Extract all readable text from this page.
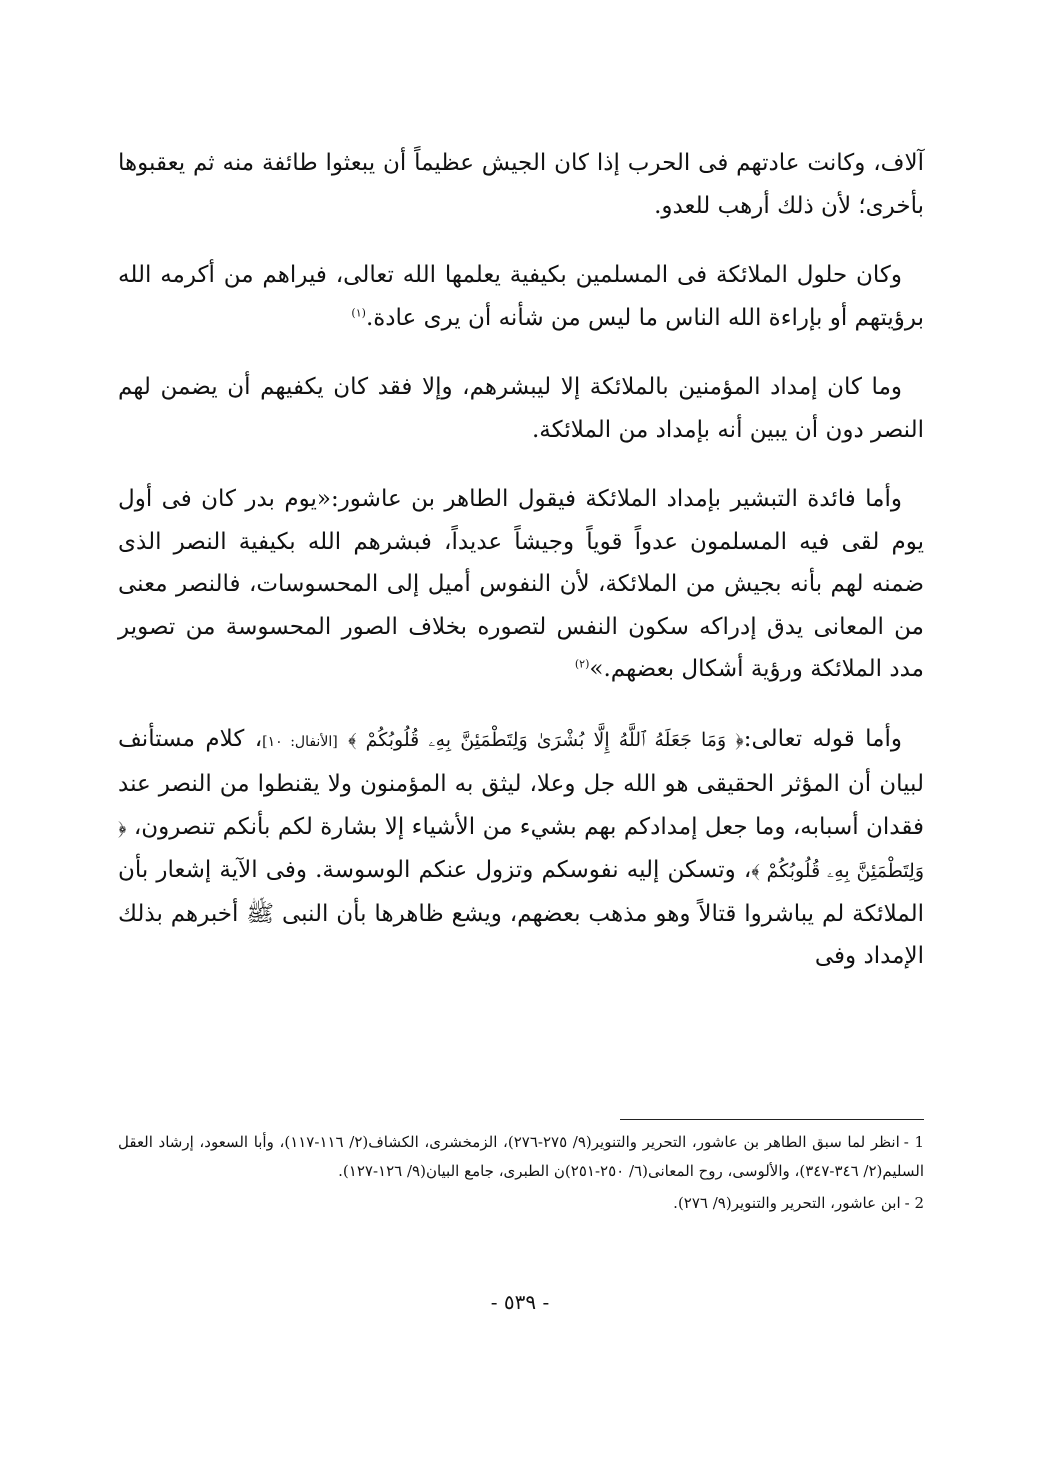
آلاف، وكانت عادتهم فى الحرب إذا كان الجيش عظيماً أن يبعثوا طائفة منه ثم يعقبوها بأخرى؛ لأن ذلك أرهب للعدو.

وكان حلول الملائكة فى المسلمين بكيفية يعلمها الله تعالى، فيراهم من أكرمه الله برؤيتهم أو بإراءة الله الناس ما ليس من شأنه أن يرى عادة.$^{(١)}$

وما كان إمداد المؤمنين بالملائكة إلا ليبشرهم، وإلا فقد كان يكفيهم أن يضمن لهم النصر دون أن يبين أنه بإمداد من الملائكة.

وأما فائدة التبشير بإمداد الملائكة فيقول الطاهر بن عاشور:«يوم بدر كان فى أول يوم لقى فيه المسلمون عدواً قوياً وجيشاً عديداً، فبشرهم الله بكيفية النصر الذى ضمنه لهم بأنه بجيش من الملائكة، لأن النفوس أميل إلى المحسوسات، فالنصر معنى من المعانى يدق إدراكه سكون النفس لتصوره بخلاف الصور المحسوسة من تصوير مدد الملائكة ورؤية أشكال بعضهم.»$^{(٢)}$

وأما قوله تعالى:﴿ وَمَا جَعَلَهُ ٱللَّهُ إِلَّا بُشْرَىٰ وَلِتَطْمَئِنَّ بِهِۦ قُلُوبُكُمْ ﴾ [الأنفال: ١٠]، كلام مستأنف لبيان أن المؤثر الحقيقى هو الله جل وعلا، ليثق به المؤمنون ولا يقنطوا من النصر عند فقدان أسبابه، وما جعل إمدادكم بهم بشيء من الأشياء إلا بشارة لكم بأنكم تنصرون، ﴿ وَلِتَطْمَئِنَّ بِهِۦ قُلُوبُكُمْ ﴾، وتسكن إليه نفوسكم وتزول عنكم الوسوسة. وفى الآية إشعار بأن الملائكة لم يباشروا قتالاً وهو مذهب بعضهم، ويشع ظاهرها بأن النبى ﷺ أخبرهم بذلك الإمداد وفى

1 -انظر لما سبق الطاهر بن عاشور، التحرير والتنوير(٩/ ٢٧٥-٢٧٦)، الزمخشرى، الكشاف(٢/ ١١٦-١١٧)، وأبا السعود، إرشاد العقل السليم(٢/ ٣٤٦-٣٤٧)، والألوسى، روح المعانى(٦/ ٢٥٠-٢٥١)ن الطبرى، جامع البيان(٩/ ١٢٦-١٢٧).

2 -ابن عاشور، التحرير والتنوير(٩/ ٢٧٦).

- ٥٣٩ -
